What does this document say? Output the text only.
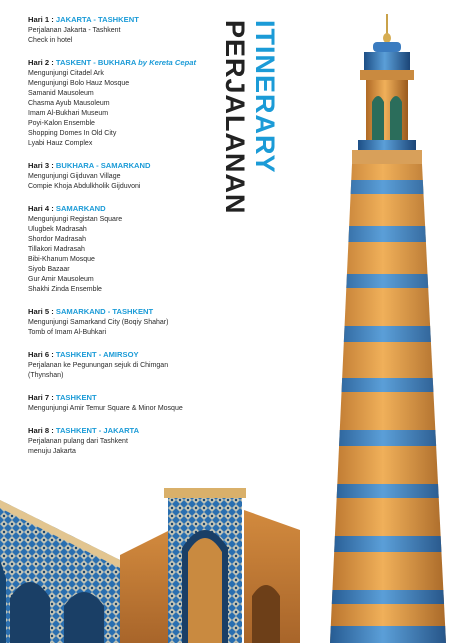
ITINERARY
PERJALANAN
Hari 1 : JAKARTA - TASHKENT
Perjalanan Jakarta - Tashkent
Check in hotel
Hari 2 : TASKENT - BUKHARA by Kereta Cepat
Mengunjungi Citadel Ark
Mengunjungi Bolo Hauz Mosque
Samanid Mausoleum
Chasma Ayub Mausoleum
Imam Al-Bukhari Museum
Poyi-Kalon Ensemble
Shopping Domes In Old City
Lyabi Hauz Complex
Hari 3 : BUKHARA - SAMARKAND
Mengunjungi Gijduvan Village
Compie Khoja Abdulkholik Gijduvoni
Hari 4 : SAMARKAND
Mengunjungi Registan Square
Ulugbek Madrasah
Shordor Madrasah
Tillakori Madrasah
Bibi-Khanum Mosque
Siyob Bazaar
Gur Amir Mausoleum
Shakhi Zinda Ensemble
Hari 5 : SAMARKAND - TASHKENT
Mengunjungi Samarkand City (Boqiy Shahar)
Tomb of Imam Al-Buhkari
Hari 6 : TASHKENT - AMIRSOY
Perjalanan ke Pegunungan sejuk di Chimgan
(Thynshan)
Hari 7 : TASHKENT
Mengunjungi Amir Temur Square & Minor Mosque
Hari 8 : TASHKENT - JAKARTA
Perjalanan pulang dari Tashkent
menuju Jakarta
